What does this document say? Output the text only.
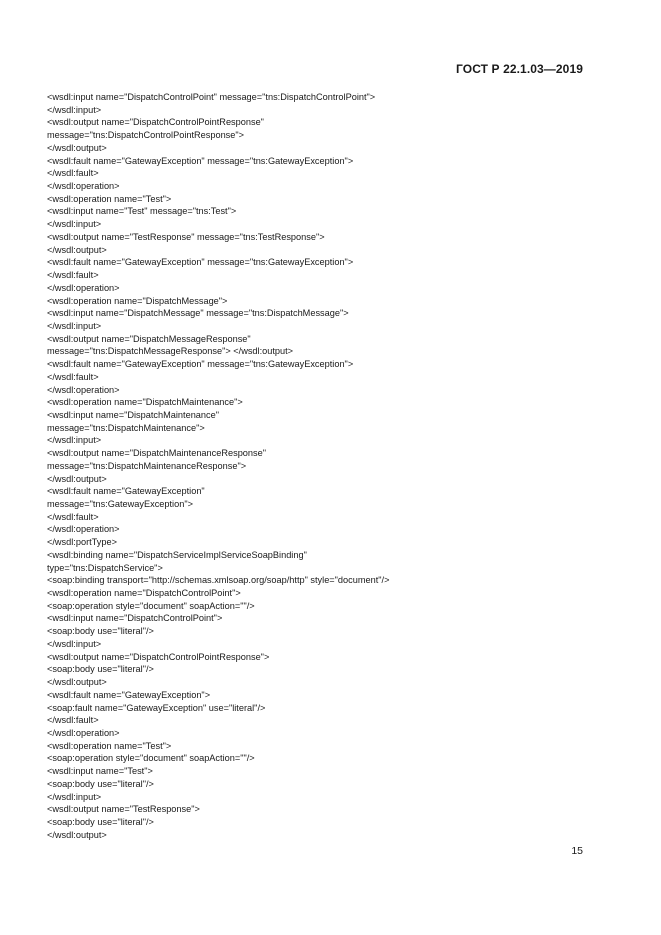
ГОСТ Р 22.1.03—2019
<wsdl:input name="DispatchControlPoint" message="tns:DispatchControlPoint">
</wsdl:input>
<wsdl:output name="DispatchControlPointResponse"
message="tns:DispatchControlPointResponse">
</wsdl:output>
<wsdl:fault name="GatewayException" message="tns:GatewayException">
</wsdl:fault>
</wsdl:operation>
<wsdl:operation name="Test">
<wsdl:input name="Test" message="tns:Test">
</wsdl:input>
<wsdl:output name="TestResponse" message="tns:TestResponse">
</wsdl:output>
<wsdl:fault name="GatewayException" message="tns:GatewayException">
</wsdl:fault>
</wsdl:operation>
<wsdl:operation name="DispatchMessage">
<wsdl:input name="DispatchMessage" message="tns:DispatchMessage">
</wsdl:input>
<wsdl:output name="DispatchMessageResponse"
message="tns:DispatchMessageResponse"> </wsdl:output>
<wsdl:fault name="GatewayException" message="tns:GatewayException">
</wsdl:fault>
</wsdl:operation>
<wsdl:operation name="DispatchMaintenance">
<wsdl:input name="DispatchMaintenance"
message="tns:DispatchMaintenance">
</wsdl:input>
<wsdl:output name="DispatchMaintenanceResponse"
message="tns:DispatchMaintenanceResponse">
</wsdl:output>
<wsdl:fault name="GatewayException"
message="tns:GatewayException">
</wsdl:fault>
</wsdl:operation>
</wsdl:portType>
<wsdl:binding name="DispatchServiceImplServiceSoapBinding"
type="tns:DispatchService">
<soap:binding transport="http://schemas.xmlsoap.org/soap/http" style="document"/>
<wsdl:operation name="DispatchControlPoint">
<soap:operation style="document" soapAction=""/>
<wsdl:input name="DispatchControlPoint">
<soap:body use="literal"/>
</wsdl:input>
<wsdl:output name="DispatchControlPointResponse">
<soap:body use="literal"/>
</wsdl:output>
<wsdl:fault name="GatewayException">
<soap:fault name="GatewayException" use="literal"/>
</wsdl:fault>
</wsdl:operation>
<wsdl:operation name="Test">
<soap:operation style="document" soapAction=""/>
<wsdl:input name="Test">
<soap:body use="literal"/>
</wsdl:input>
<wsdl:output name="TestResponse">
<soap:body use="literal"/>
</wsdl:output>
15
